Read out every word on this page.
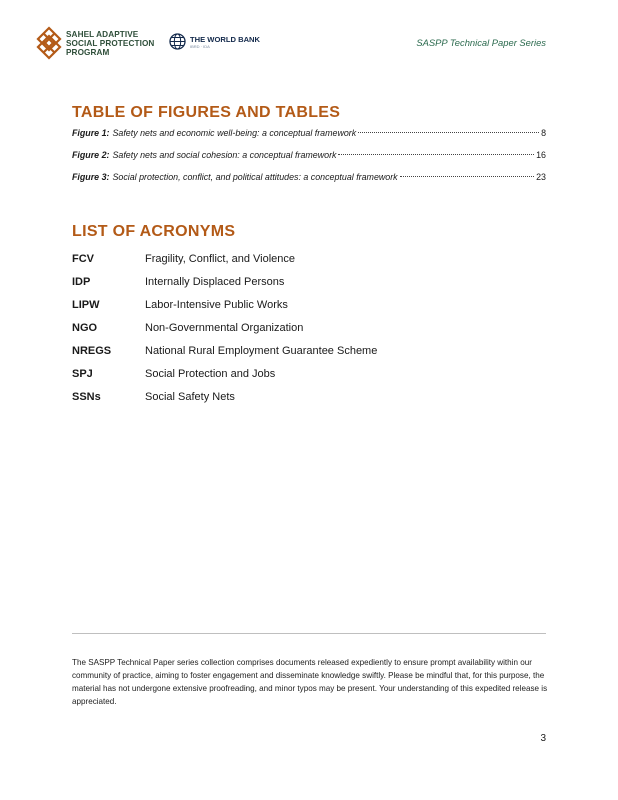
SAHEL ADAPTIVE
SOCIAL PROTECTION
PROGRAM
THE WORLD BANK
IBRD · IDA	SASPP Technical Paper Series
TABLE OF FIGURES AND TABLES
Figure 1: Safety nets and economic well-being: a conceptual framework	8
Figure 2: Safety nets and social cohesion: a conceptual framework	16
Figure 3: Social protection, conflict, and political attitudes: a conceptual framework	23
LIST OF ACRONYMS
FCV	Fragility, Conflict, and Violence
IDP	Internally Displaced Persons
LIPW	Labor-Intensive Public Works
NGO	Non-Governmental Organization
NREGS	National Rural Employment Guarantee Scheme
SPJ	Social Protection and Jobs
SSNs	Social Safety Nets
The SASPP Technical Paper series collection comprises documents released expediently to ensure prompt availability within our community of practice, aiming to foster engagement and disseminate knowledge swiftly. Please be mindful that, for this purpose, the material has not undergone extensive proofreading, and minor typos may be present. Your understanding of this expedited release is appreciated.
3
